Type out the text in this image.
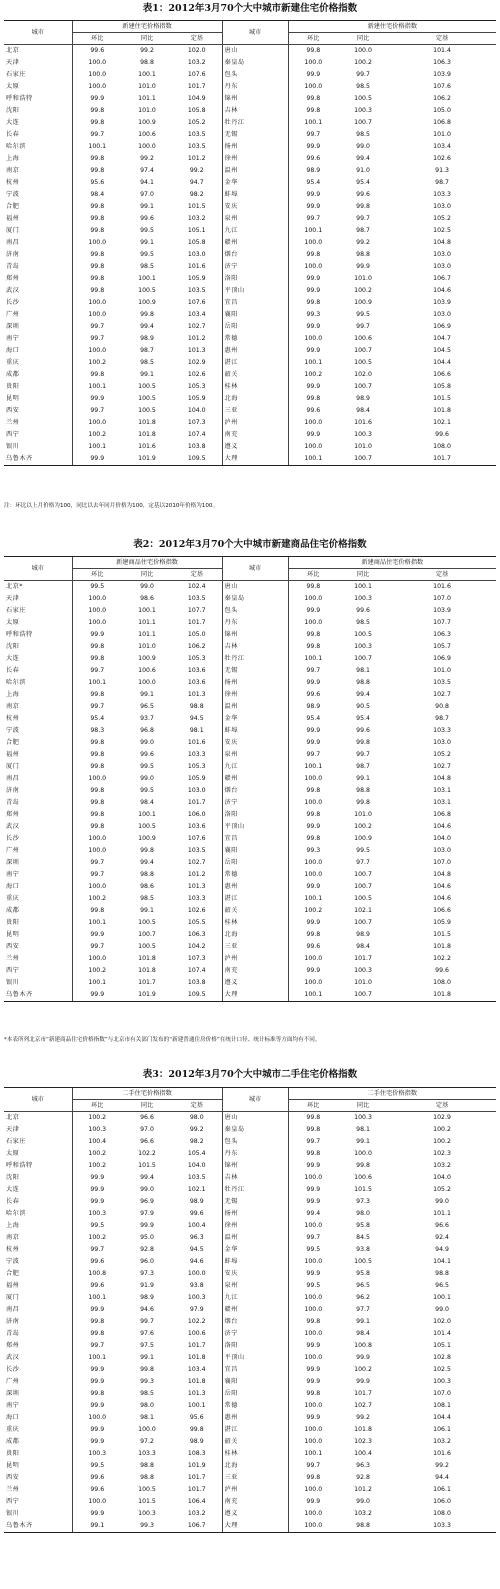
表1：2012年3月70个大中城市新建住宅价格指数
城市	新建住宅价格指数			城市	新建住宅价格指数		
	环比	同比	定基		环比	同比	定基
北京	99.6	99.2	102.0	唐山	99.8	100.0	101.4
天津	100.0	98.8	103.2	秦皇岛	100.0	100.2	106.3
石家庄	100.0	100.1	107.6	包头	99.9	99.7	103.9
太原	100.0	101.0	101.7	丹东	100.0	98.5	107.6
呼和浩特	99.9	101.1	104.9	锦州	99.8	100.5	106.2
沈阳	99.8	101.0	105.8	吉林	99.8	100.3	105.0
大连	99.8	100.9	105.2	牡丹江	100.1	100.7	106.8
长春	99.7	100.6	103.5	无锡	99.7	98.5	101.0
哈尔滨	100.1	100.0	103.5	扬州	99.9	99.0	103.4
上海	99.8	99.2	101.2	徐州	99.6	99.4	102.6
南京	99.8	97.4	99.2	温州	98.9	91.0	91.3
杭州	95.6	94.1	94.7	金华	95.4	95.4	98.7
宁波	98.4	97.0	98.2	蚌埠	99.9	99.6	103.3
合肥	99.8	99.1	101.5	安庆	99.9	99.8	103.0
福州	99.8	99.6	103.2	泉州	99.7	99.7	105.2
厦门	99.8	99.5	105.1	九江	100.1	98.7	102.5
南昌	100.0	99.1	105.8	赣州	100.0	99.2	104.8
济南	99.8	99.5	103.0	烟台	99.8	98.8	103.0
青岛	99.8	98.5	101.6	济宁	100.0	99.9	103.0
郑州	99.8	100.1	105.9	洛阳	99.9	101.0	106.7
武汉	99.8	100.5	103.5	平顶山	99.9	100.2	104.6
长沙	100.0	100.9	107.6	宜昌	99.8	100.9	103.9
广州	100.0	99.8	103.4	襄阳	99.3	99.5	103.0
深圳	99.7	99.4	102.7	岳阳	99.9	99.7	106.9
南宁	99.7	98.9	101.2	常德	100.0	100.6	104.7
海口	100.0	98.7	101.3	惠州	99.9	100.7	104.5
重庆	100.2	98.5	102.9	湛江	100.1	100.5	104.4
成都	99.8	99.1	102.6	韶关	100.2	102.0	106.6
贵阳	100.1	100.5	105.3	桂林	99.9	100.7	105.8
昆明	99.9	100.5	105.9	北海	99.8	98.9	101.5
西安	99.7	100.5	104.0	三亚	99.6	98.4	101.8
兰州	100.0	101.8	107.3	泸州	100.0	101.6	102.1
西宁	100.2	101.8	107.4	南充	99.9	100.3	99.6
银川	100.1	101.6	103.8	遵义	100.0	101.0	108.0
乌鲁木齐	99.9	101.9	109.5	大理	100.1	100.7	101.7

注：环比以上月价格为100，同比以去年同月价格为100，定基以2010年价格为100。

表2：2012年3月70个大中城市新建商品住宅价格指数
城市	新建商品住宅价格指数			城市	新建商品住宅价格指数		
	环比	同比	定基		环比	同比	定基
北京*	99.5	99.0	102.4	唐山	99.8	100.1	101.6
天津	100.0	98.6	103.5	秦皇岛	100.0	100.3	107.0
石家庄	100.0	100.1	107.7	包头	99.9	99.6	103.9
太原	100.0	101.1	101.7	丹东	100.0	98.5	107.7
呼和浩特	99.9	101.1	105.0	锦州	99.8	100.5	106.3
沈阳	99.8	101.0	106.2	吉林	99.8	100.3	105.7
大连	99.8	100.9	105.3	牡丹江	100.1	100.7	106.9
长春	99.7	100.6	103.6	无锡	99.7	98.1	101.0
哈尔滨	100.1	100.0	103.6	扬州	99.9	98.8	103.5
上海	99.8	99.1	101.3	徐州	99.6	99.4	102.7
南京	99.7	96.5	98.8	温州	98.9	90.5	90.8
杭州	95.4	93.7	94.5	金华	95.4	95.4	98.7
宁波	98.3	96.8	98.1	蚌埠	99.9	99.6	103.3
合肥	99.8	99.0	101.6	安庆	99.9	99.8	103.0
福州	99.8	99.6	103.3	泉州	99.7	99.7	105.2
厦门	99.8	99.5	105.3	九江	100.1	98.7	102.7
南昌	100.0	99.0	105.9	赣州	100.0	99.1	104.8
济南	99.8	99.5	103.0	烟台	99.8	98.8	103.1
青岛	99.8	98.4	101.7	济宁	100.0	99.8	103.1
郑州	99.8	100.1	106.0	洛阳	99.8	101.0	106.8
武汉	99.8	100.5	103.6	平顶山	99.9	100.2	104.6
长沙	100.0	100.9	107.6	宜昌	99.8	100.9	104.0
广州	100.0	99.8	103.5	襄阳	99.3	99.5	103.0
深圳	99.7	99.4	102.7	岳阳	100.0	97.7	107.0
南宁	99.7	98.8	101.2	常德	100.0	100.7	104.8
海口	100.0	98.6	101.3	惠州	99.9	100.7	104.6
重庆	100.2	98.5	103.3	湛江	100.1	100.5	104.6
成都	99.8	99.1	102.6	韶关	100.2	102.1	106.6
贵阳	100.1	100.5	105.5	桂林	99.9	100.7	105.9
昆明	99.9	100.7	106.3	北海	99.8	98.9	101.5
西安	99.7	100.5	104.2	三亚	99.6	98.4	101.8
兰州	100.0	101.8	107.3	泸州	100.0	101.7	102.2
西宁	100.2	101.8	107.4	南充	99.9	100.3	99.6
银川	100.1	101.7	103.8	遵义	100.0	101.0	108.0
乌鲁木齐	99.9	101.9	109.5	大理	100.1	100.7	101.8

*本表所列北京市“新建商品住宅价格指数”与北京市有关部门发布的“新建普通住房价格”在统计口径、统计标准等方面均有不同。

表3：2012年3月70个大中城市二手住宅价格指数
城市	二手住宅价格指数			城市	二手住宅价格指数		
	环比	同比	定基		环比	同比	定基
北京	100.2	96.6	98.0	唐山	99.8	100.3	102.9
天津	100.3	97.0	99.2	秦皇岛	99.8	98.1	100.2
石家庄	100.4	96.6	98.2	包头	99.7	99.1	100.2
太原	100.2	102.2	105.4	丹东	99.8	100.0	102.3
呼和浩特	100.2	101.5	104.0	锦州	99.9	99.8	103.2
沈阳	99.9	99.4	103.5	吉林	100.0	100.6	104.0
大连	99.9	99.0	102.1	牡丹江	99.9	101.5	105.2
长春	99.9	96.9	98.9	无锡	99.9	97.3	99.0
哈尔滨	100.3	97.9	99.6	扬州	99.4	98.0	101.1
上海	99.5	99.9	100.4	徐州	100.0	95.8	96.6
南京	100.2	95.0	96.3	温州	99.7	84.5	92.4
杭州	99.7	92.8	94.5	金华	99.5	93.8	94.9
宁波	99.6	96.0	94.6	蚌埠	100.0	100.5	104.1
合肥	100.8	97.3	100.0	安庆	99.9	95.8	98.8
福州	99.6	91.9	93.8	泉州	99.5	96.5	96.5
厦门	100.1	98.9	100.3	九江	100.0	96.2	100.1
南昌	99.9	94.6	97.9	赣州	100.0	97.7	99.0
济南	99.8	99.7	102.2	烟台	99.8	99.1	102.0
青岛	99.8	97.6	100.6	济宁	100.0	98.4	101.4
郑州	99.7	97.5	101.7	洛阳	99.9	100.8	105.1
武汉	100.1	99.1	101.8	平顶山	100.0	99.9	102.8
长沙	99.9	99.8	103.4	宜昌	99.9	100.2	102.5
广州	99.9	99.3	101.8	襄阳	99.9	99.9	100.3
深圳	99.8	98.5	101.3	岳阳	99.8	101.7	107.0
南宁	99.9	98.0	100.1	常德	100.0	102.7	108.1
海口	100.0	98.1	95.6	惠州	99.9	99.2	104.4
重庆	99.9	100.0	99.8	湛江	100.0	101.8	106.1
成都	99.9	97.2	98.9	韶关	100.0	102.3	103.2
贵阳	100.3	103.3	108.3	桂林	100.1	100.4	101.6
昆明	99.5	98.8	101.9	北海	99.7	96.3	99.2
西安	99.6	98.8	101.7	三亚	99.8	92.8	94.4
兰州	99.6	100.5	101.7	泸州	100.0	101.2	106.1
西宁	100.0	101.5	106.4	南充	99.9	99.0	106.0
银川	99.9	100.3	103.2	遵义	100.0	103.2	108.0
乌鲁木齐	99.1	99.3	106.7	大理	100.0	98.8	103.3
